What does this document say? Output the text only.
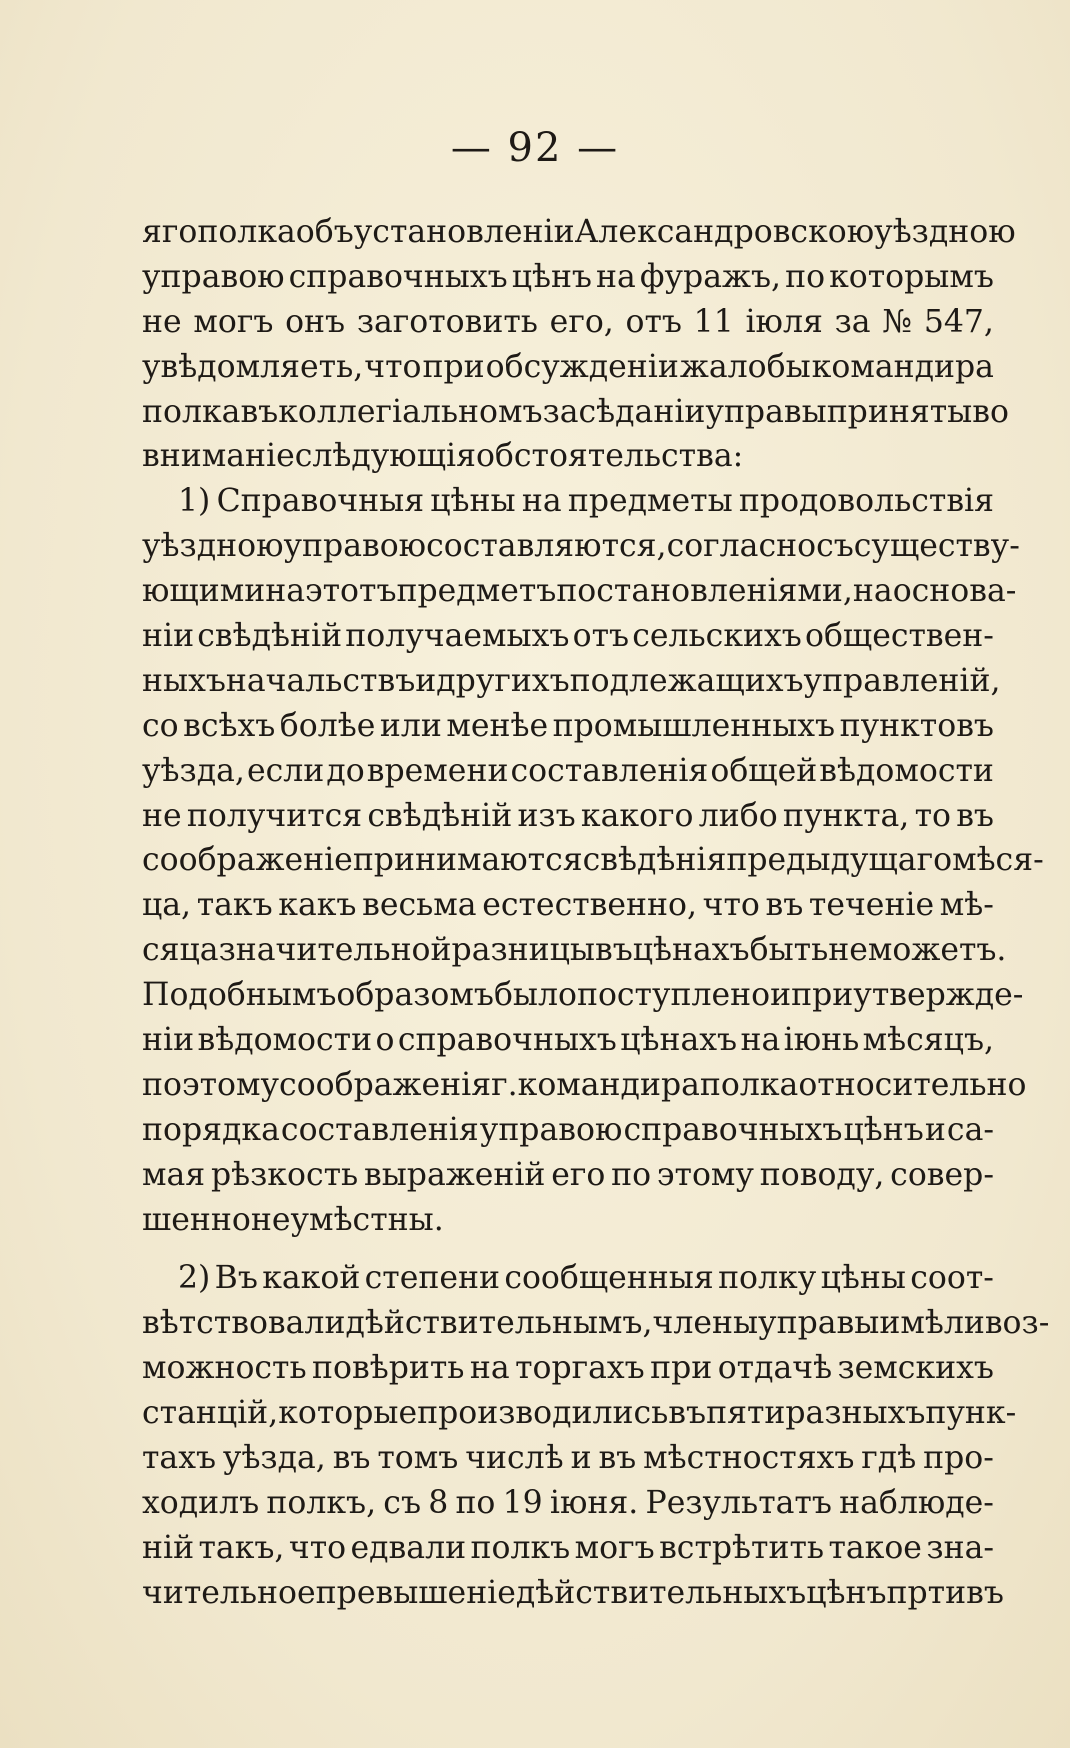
— 92 —
яго полка объ установленіи Александровскою уѣздною
управою справочныхъ цѣнъ на фуражъ, по которымъ
не могъ онъ заготовить его, отъ 11 іюля за № 547,
увѣдомляеть, что при обсужденіи жалобы командира
полка въ коллегіальномъ засѣданіи управы приняты во
вниманіе слѣдующія обстоятельства:
1) Справочныя цѣны на предметы продовольствія
уѣздною управою составляются, согласно съ существу-
ющими на этотъ предметъ постановленіями, на основа-
ніи свѣдѣній получаемыхъ отъ сельскихъ обществен-
ныхъ начальствъ и другихъ подлежащихъ управленій,
со всѣхъ болѣе или менѣе промышленныхъ пунктовъ
уѣзда, если до времени составленія общей вѣдомости
не получится свѣдѣній изъ какого либо пункта, то въ
соображеніе принимаются свѣдѣнія предыдущаго мѣся-
ца, такъ какъ весьма естественно, что въ теченіе мѣ-
сяца значительной разницы въ цѣнахъ быть не можетъ.
Подобнымъ образомъ было поступлено и при утвержде-
ніи вѣдомости о справочныхъ цѣнахъ на іюнь мѣсяцъ,
по этому соображенія г. командира полка относительно
порядка составленія управою справочныхъ цѣнъ и са-
мая рѣзкость выраженій его по этому поводу, совер-
шенно неумѣстны.
2) Въ какой степени сообщенныя полку цѣны соот-
вѣтствовали дѣйствительнымъ, члены управы имѣли воз-
можность повѣрить на торгахъ при отдачѣ земскихъ
станцій, которые производились въ пяти разныхъ пунк-
тахъ уѣзда, въ томъ числѣ и въ мѣстностяхъ гдѣ про-
ходилъ полкъ, съ 8 по 19 іюня. Результатъ наблюде-
ній такъ, что едвали полкъ могъ встрѣтить такое зна-
чительное превышеніе дѣйствительныхъ цѣнъ пртивъ
